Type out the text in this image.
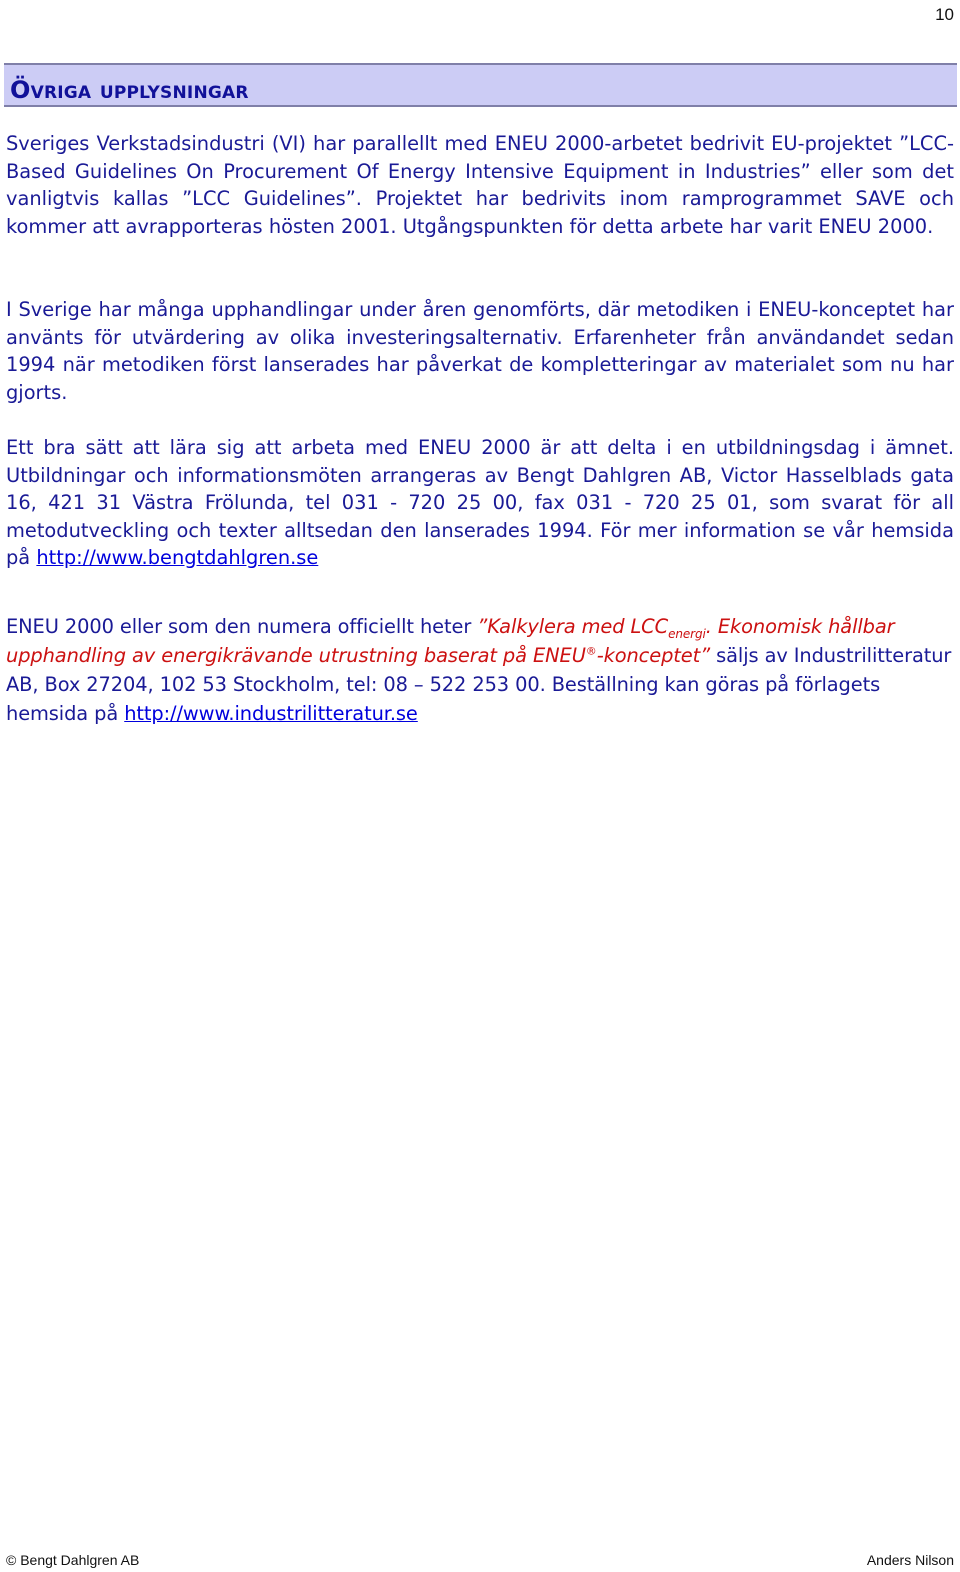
10
Övriga upplysningar

Sveriges Verkstadsindustri (VI) har parallellt med ENEU 2000-arbetet bedrivit EU-projektet ”LCC-Based Guidelines On Procurement Of Energy Intensive Equipment in Industries” eller som det vanligtvis kallas ”LCC Guidelines”. Projektet har bedrivits inom ramprogrammet SAVE och kommer att avrapporteras hösten 2001. Utgångspunkten för detta arbete har varit ENEU 2000.

I Sverige har många upphandlingar under åren genomförts, där metodiken i ENEU-konceptet har använts för utvärdering av olika investeringsalternativ. Erfarenheter från användandet sedan 1994 när metodiken först lanserades har påverkat de kompletteringar av materialet som nu har gjorts.

Ett bra sätt att lära sig att arbeta med ENEU 2000 är att delta i en utbildningsdag i ämnet. Utbildningar och informationsmöten arrangeras av Bengt Dahlgren AB, Victor Hasselblads gata 16, 421 31 Västra Frölunda, tel 031 - 720 25 00, fax 031 - 720 25 01, som svarat för all metodutveckling och texter alltsedan den lanserades 1994. För mer information se vår hemsida på http://www.bengtdahlgren.se

ENEU 2000 eller som den numera officiellt heter ”Kalkylera med $LCC_{energi}$. Ekonomisk hållbar upphandling av energikrävande utrustning baserat på ENEU®-konceptet” säljs av Industrilitteratur AB, Box 27204, 102 53 Stockholm, tel: 08 – 522 253 00. Beställning kan göras på förlagets hemsida på http://www.industrilitteratur.se

© Bengt Dahlgren AB	Anders Nilson
